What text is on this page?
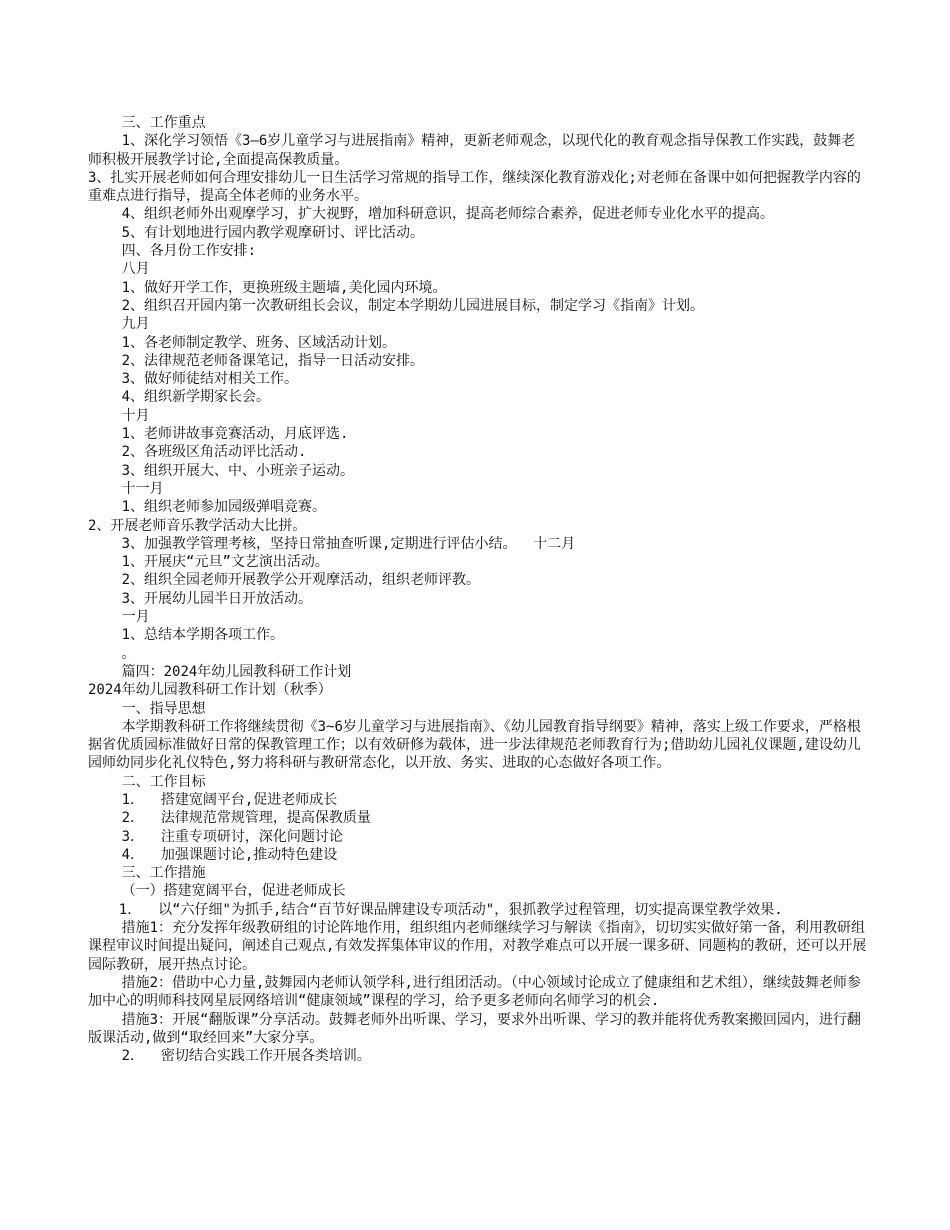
三、工作重点
1、深化学习领悟《3—6岁儿童学习与进展指南》精神，更新老师观念，以现代化的教育观念指导保教工作实践，鼓舞老师积极开展教学讨论,全面提高保教质量。
3、扎实开展老师如何合理安排幼儿一日生活学习常规的指导工作，继续深化教育游戏化;对老师在备课中如何把握教学内容的重难点进行指导，提高全体老师的业务水平。
4、组织老师外出观摩学习，扩大视野，增加科研意识，提高老师综合素养，促进老师专业化水平的提高。
5、有计划地进行园内教学观摩研讨、评比活动。
四、各月份工作安排:
八月
1、做好开学工作，更换班级主题墙,美化园内环境。
2、组织召开园内第一次教研组长会议，制定本学期幼儿园进展目标，制定学习《指南》计划。
九月
1、各老师制定教学、班务、区域活动计划。
2、法律规范老师备课笔记，指导一日活动安排。
3、做好师徒结对相关工作。
4、组织新学期家长会。
十月
1、老师讲故事竞赛活动，月底评选.
2、各班级区角活动评比活动.
3、组织开展大、中、小班亲子运动。
十一月
1、组织老师参加园级弹唱竞赛。
2、开展老师音乐教学活动大比拼。
3、加强教学管理考核，坚持日常抽查听课,定期进行评估小结。  十二月
1、开展庆“元旦”文艺演出活动。
2、组织全园老师开展教学公开观摩活动，组织老师评教。
3、开展幼儿园半日开放活动。
一月
1、总结本学期各项工作。
。
篇四：2024年幼儿园教科研工作计划
2024年幼儿园教科研工作计划（秋季）
一、指导思想
本学期教科研工作将继续贯彻《3~6岁儿童学习与进展指南》、《幼儿园教育指导纲要》精神，落实上级工作要求，严格根据省优质园标准做好日常的保教管理工作；以有效研修为载体，进一步法律规范老师教育行为;借助幼儿园礼仪课题,建设幼儿园师幼同步化礼仪特色,努力将科研与教研常态化，以开放、务实、进取的心态做好各项工作。
二、工作目标
1．  搭建宽阔平台,促进老师成长
2．  法律规范常规管理，提高保教质量
3．  注重专项研讨，深化问题讨论
4．  加强课题讨论,推动特色建设
三、工作措施
（一）搭建宽阔平台，促进老师成长
1．  以“六仔细"为抓手,结合“百节好课品牌建设专项活动"，狠抓教学过程管理，切实提高课堂教学效果.
措施1：充分发挥年级教研组的讨论阵地作用，组织组内老师继续学习与解读《指南》，切切实实做好第一备，利用教研组课程审议时间提出疑问，阐述自己观点,有效发挥集体审议的作用，对教学难点可以开展一课多研、同题构的教研，还可以开展园际教研，展开热点讨论。
措施2：借助中心力量,鼓舞园内老师认领学科,进行组团活动。（中心领域讨论成立了健康组和艺术组），继续鼓舞老师参加中心的明师科技网星辰网络培训“健康领域”课程的学习，给予更多老师向名师学习的机会.
措施3：开展“翻版课”分享活动。鼓舞老师外出听课、学习，要求外出听课、学习的教并能将优秀教案搬回园内，进行翻版课活动,做到“取经回来”大家分享。
2．  密切结合实践工作开展各类培训。
